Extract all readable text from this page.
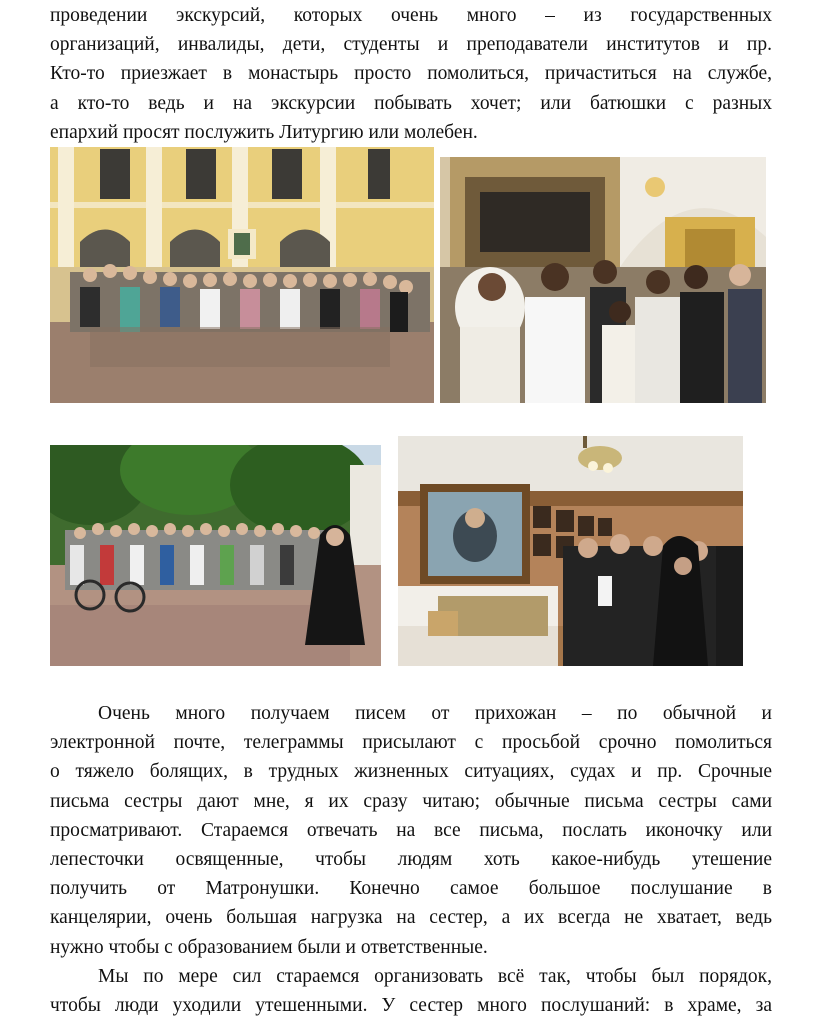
проведении экскурсий, которых очень много – из государственных
организаций, инвалиды, дети, студенты и преподаватели институтов и пр.
Кто-то приезжает в монастырь просто помолиться, причаститься на службе,
а кто-то ведь и на экскурсии побывать хочет; или батюшки с разных
епархий просят послужить Литургию или молебен.
Очень много получаем писем от прихожан – по обычной и
электронной почте, телеграммы присылают с просьбой срочно помолиться
о тяжело болящих, в трудных жизненных ситуациях, судах и пр. Срочные
письма сестры дают мне, я их сразу читаю; обычные письма сестры сами
просматривают. Стараемся отвечать на все письма, послать иконочку или
лепесточки освященные, чтобы людям хоть какое-нибудь утешение
получить от Матронушки. Конечно самое большое послушание в
канцелярии, очень большая нагрузка на сестер, а их всегда не хватает, ведь
нужно чтобы с образованием были и ответственные.
Мы по мере сил стараемся организовать всё так, чтобы был порядок,
чтобы люди уходили утешенными. У сестер много послушаний: в храме, за
